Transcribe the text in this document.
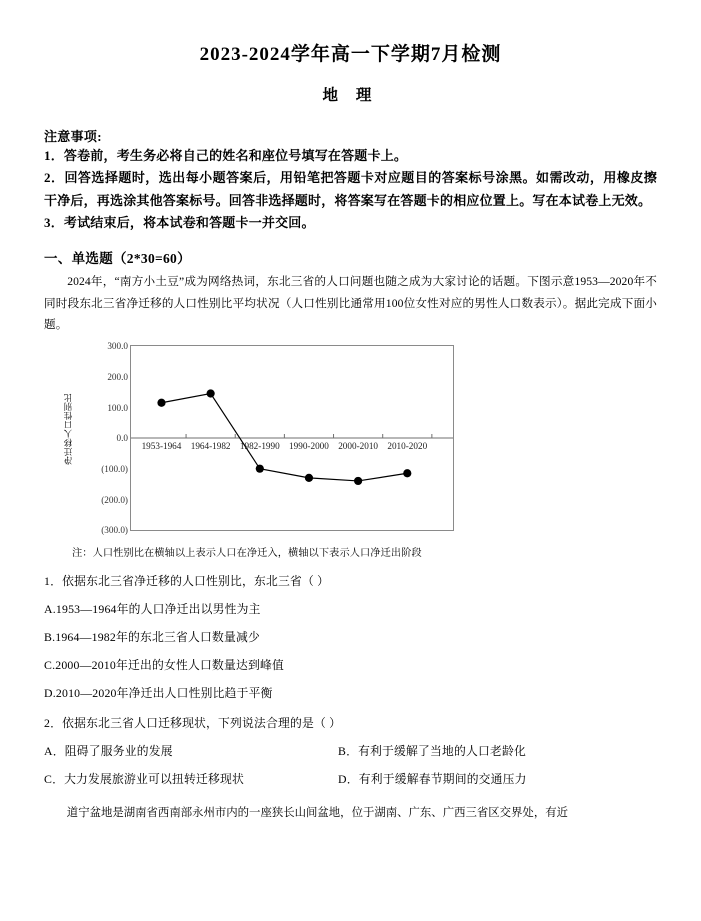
2023-2024学年高一下学期7月检测
地 理
注意事项:
1．答卷前，考生务必将自己的姓名和座位号填写在答题卡上。
2．回答选择题时，选出每小题答案后，用铅笔把答题卡对应题目的答案标号涂黑。如需改动，用橡皮擦干净后，再选涂其他答案标号。回答非选择题时，将答案写在答题卡的相应位置上。写在本试卷上无效。
3．考试结束后，将本试卷和答题卡一并交回。
一、单选题（2*30=60）
2024年，“南方小土豆”成为网络热词，东北三省的人口问题也随之成为大家讨论的话题。下图示意1953—2020年不同时段东北三省净迁移的人口性别比平均状况（人口性别比通常用100位女性对应的男性人口数表示）。据此完成下面小题。
净迁移人口性别比
300.0
200.0
100.0
0.0
(100.0)
(200.0)
(300.0)
1953-1964 1964-1982 1982-1990 1990-2000 2000-2010 2010-2020
注：人口性别比在横轴以上表示人口在净迁入，横轴以下表示人口净迁出阶段
1．依据东北三省净迁移的人口性别比，东北三省（ ）
A.1953—1964年的人口净迁出以男性为主
B.1964—1982年的东北三省人口数量减少
C.2000—2010年迁出的女性人口数量达到峰值
D.2010—2020年净迁出人口性别比趋于平衡
2．依据东北三省人口迁移现状，下列说法合理的是（ ）
A．阻碍了服务业的发展	B．有利于缓解了当地的人口老龄化
C．大力发展旅游业可以扭转迁移现状	D．有利于缓解春节期间的交通压力
道宁盆地是湖南省西南部永州市内的一座狭长山间盆地，位于湖南、广东、广西三省区交界处，有近
